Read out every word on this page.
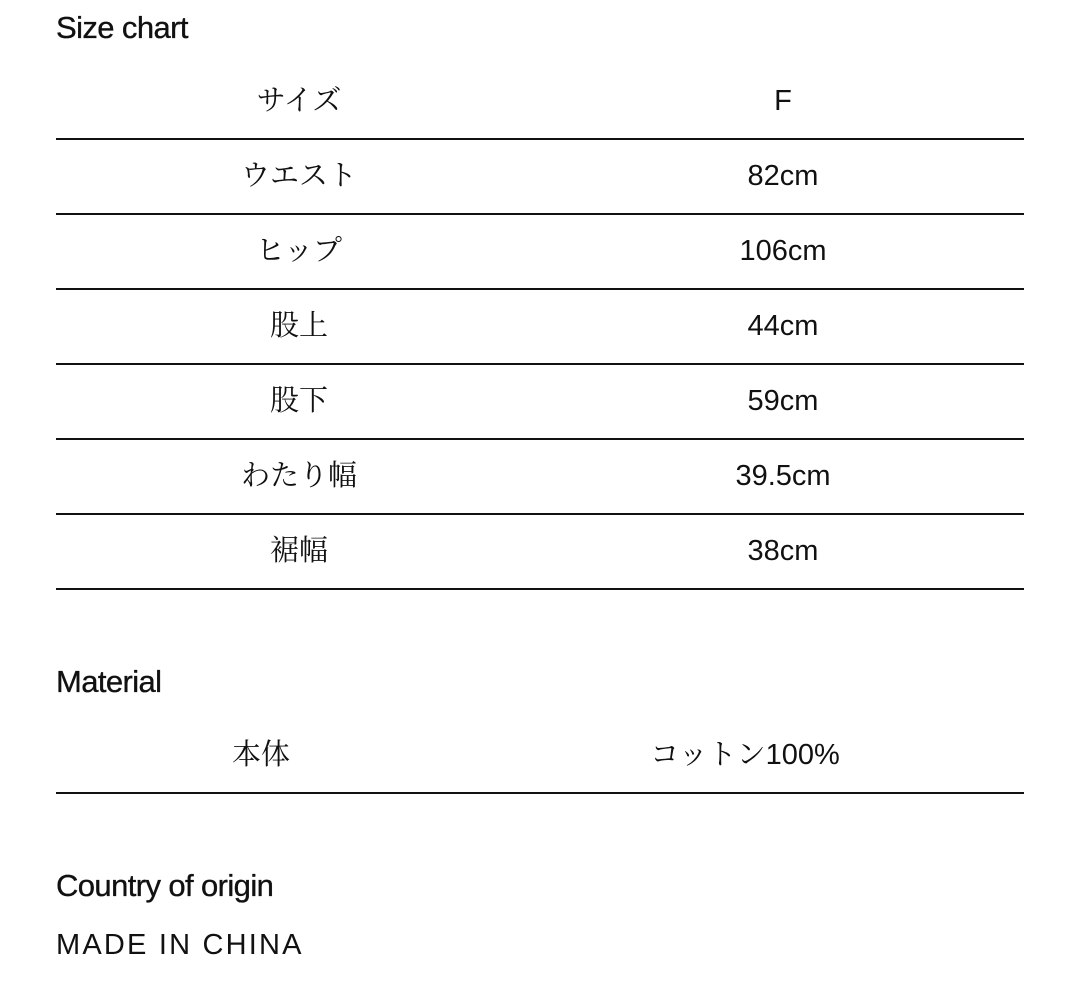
Size chart
サイズ	F
ウエスト	82cm
ヒップ	106cm
股上	44cm
股下	59cm
わたり幅	39.5cm
裾幅	38cm
Material
本体	コットン100%
Country of origin

MADE IN CHINA
